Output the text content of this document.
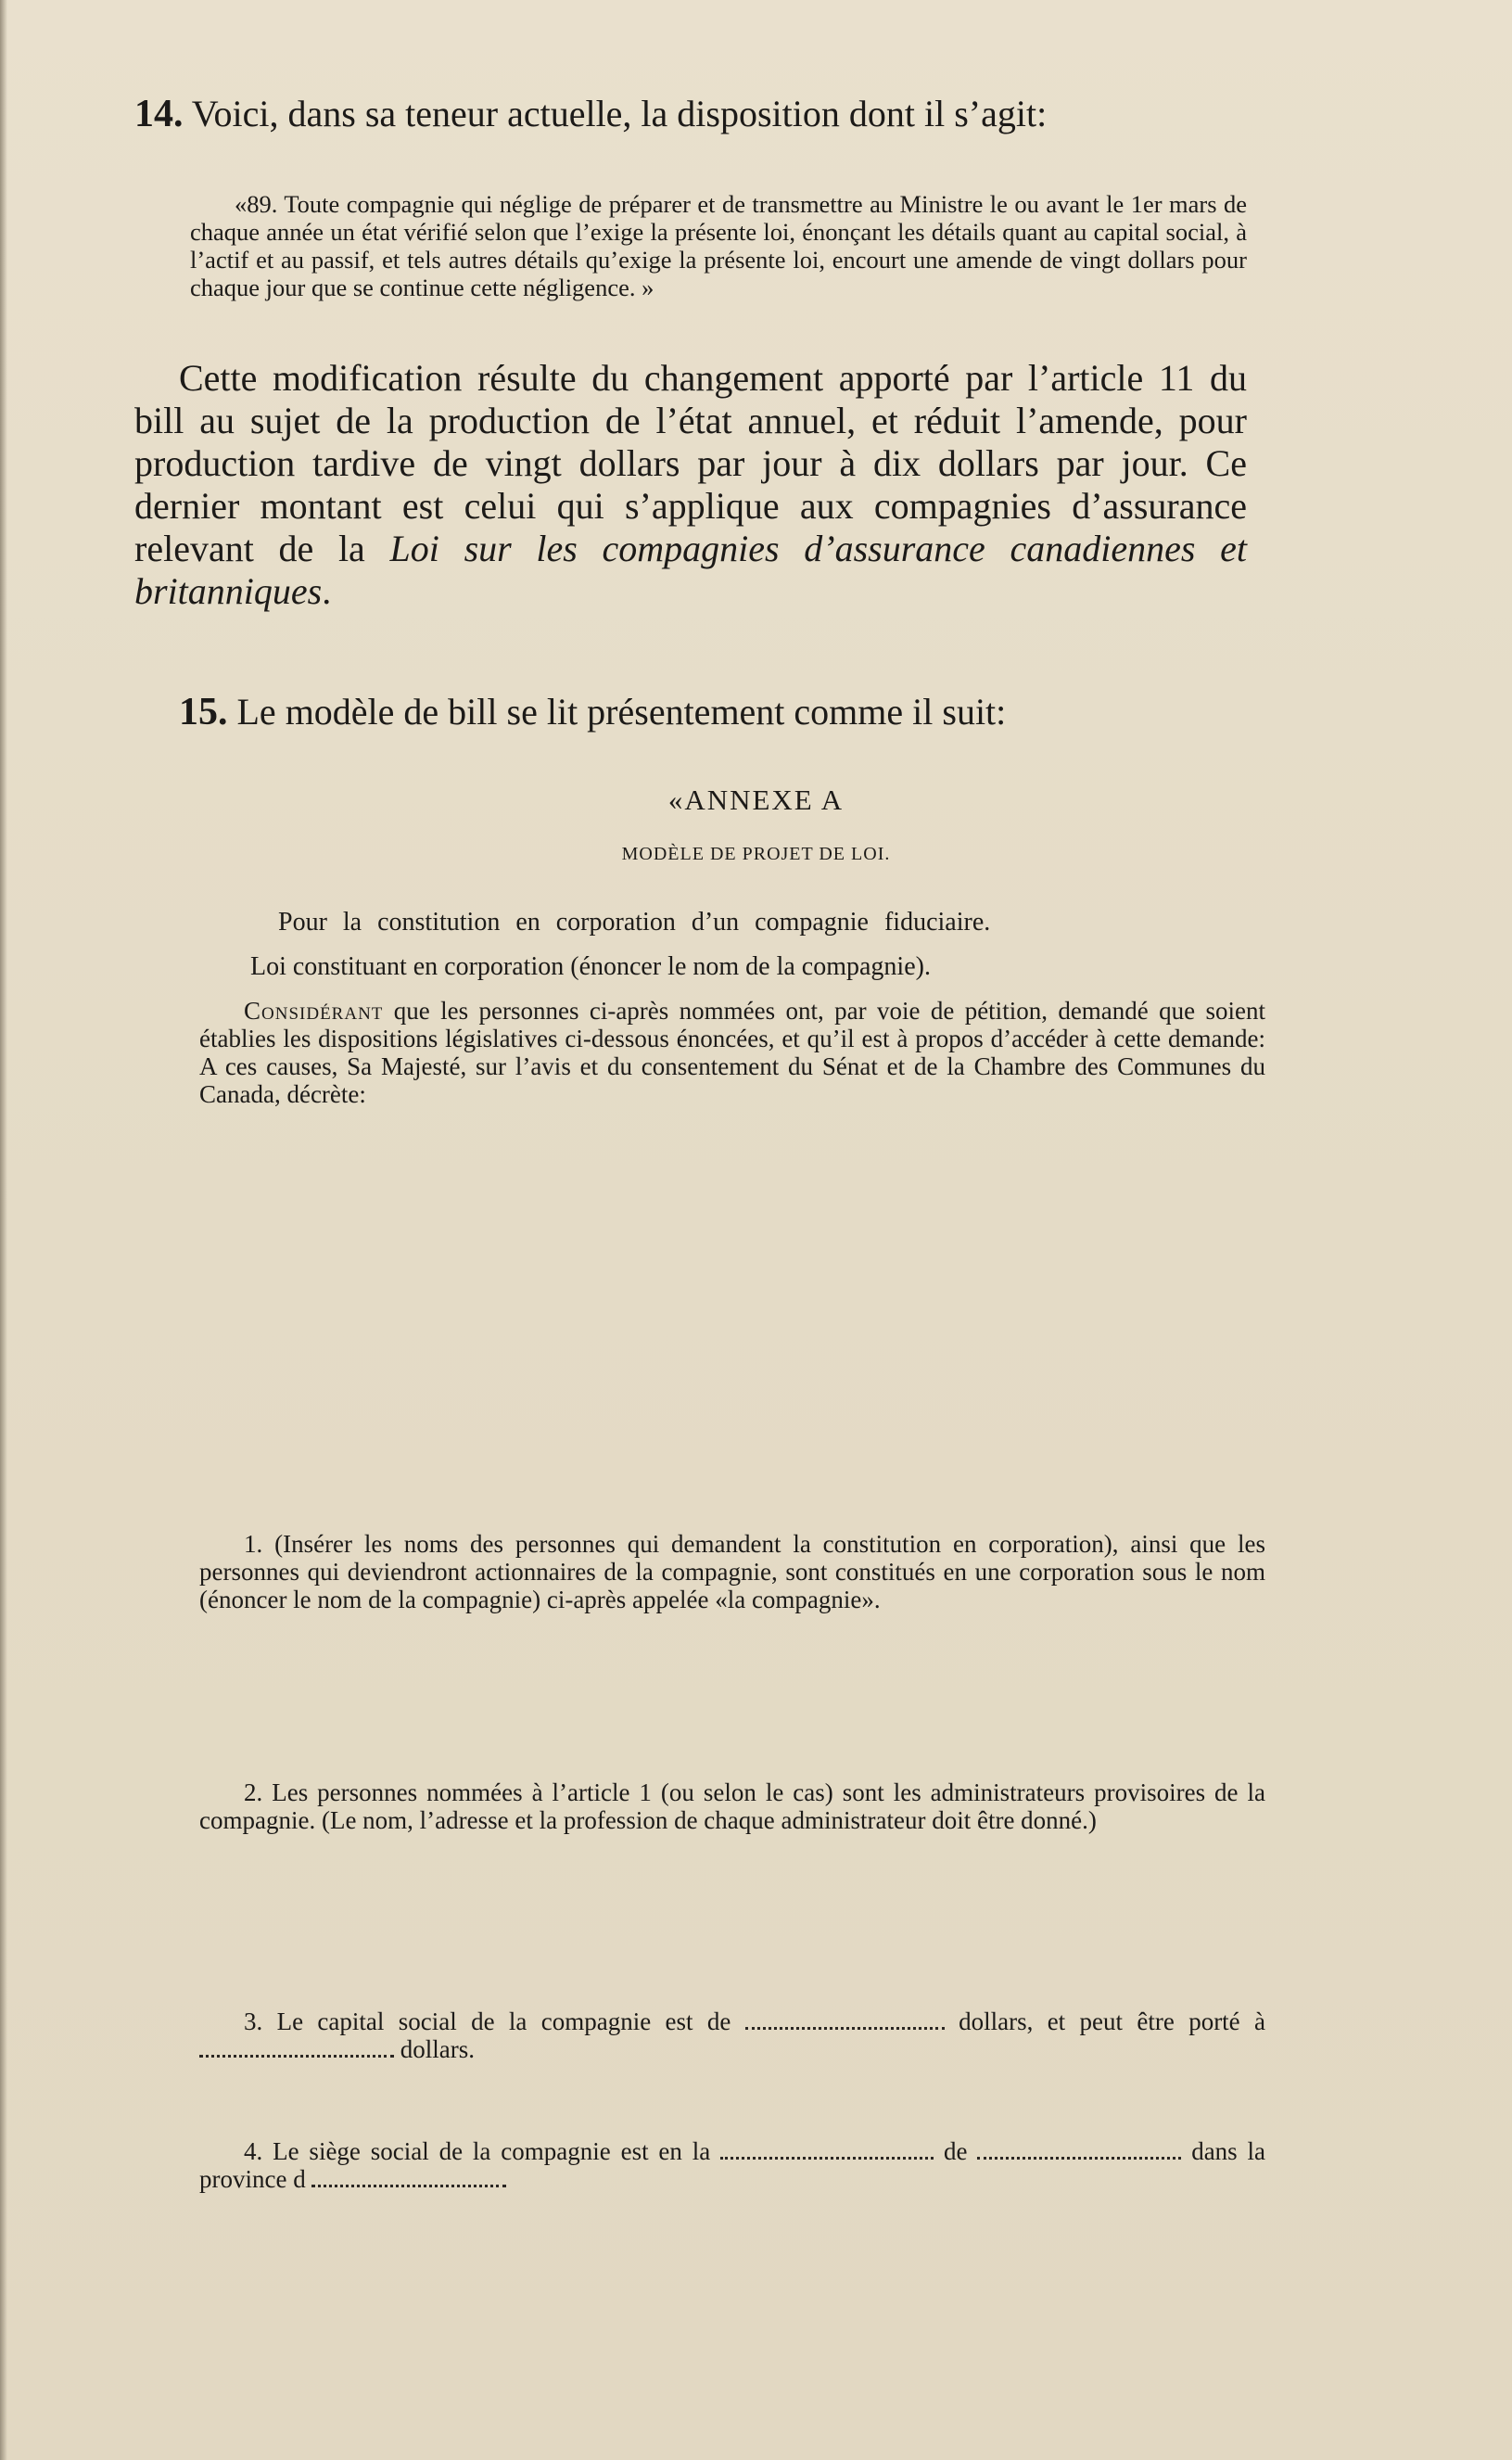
14. Voici, dans sa teneur actuelle, la disposition dont il s’agit:

«89. Toute compagnie qui néglige de préparer et de transmettre au Ministre le ou avant le 1er mars de chaque année un état vérifié selon que l’exige la présente loi, énonçant les détails quant au capital social, à l’actif et au passif, et tels autres détails qu’exige la présente loi, encourt une amende de vingt dollars pour chaque jour que se continue cette négligence. »

Cette modification résulte du changement apporté par l’article 11 du bill au sujet de la production de l’état annuel, et réduit l’amende, pour production tardive de vingt dollars par jour à dix dollars par jour. Ce dernier montant est celui qui s’applique aux compagnies d’assurance relevant de la Loi sur les compagnies d’assurance canadiennes et britanniques.

15. Le modèle de bill se lit présentement comme il suit:

«ANNEXE A

MODÈLE DE PROJET DE LOI.

Pour la constitution en corporation d’un compagnie fiduciaire.

Loi constituant en corporation (énoncer le nom de la compagnie).

Considérant que les personnes ci-après nommées ont, par voie de pétition, demandé que soient établies les dispositions législatives ci-dessous énoncées, et qu’il est à propos d’accéder à cette demande: A ces causes, Sa Majesté, sur l’avis et du consentement du Sénat et de la Chambre des Communes du Canada, décrète:

1. (Insérer les noms des personnes qui demandent la constitution en corporation), ainsi que les personnes qui deviendront actionnaires de la compagnie, sont constitués en une corporation sous le nom (énoncer le nom de la compagnie) ci-après appelée «la compagnie».

2. Les personnes nommées à l’article 1 (ou selon le cas) sont les administrateurs provisoires de la compagnie. (Le nom, l’adresse et la profession de chaque administrateur doit être donné.)

3. Le capital social de la compagnie est de	dollars, et peut être porté à  dollars.

4. Le siège social de la compagnie est en la	de	dans la province d
